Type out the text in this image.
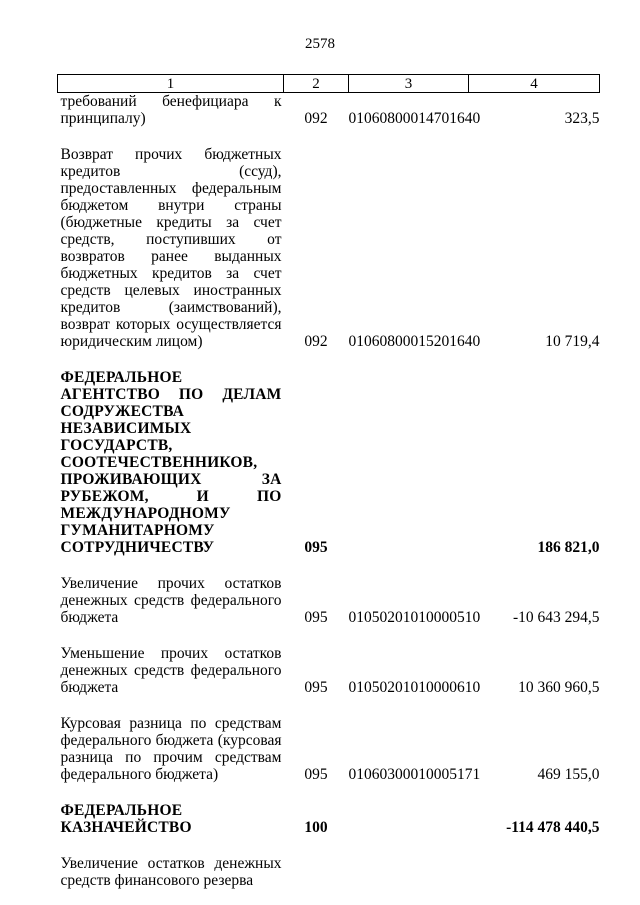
2578
1	2	3	4
требований бенефициара к принципалу)	092	01060800014701640	323,5

Возврат прочих бюджетных кредитов (ссуд), предоставленных федеральным бюджетом внутри страны (бюджетные кредиты за счет средств, поступивших от возвратов ранее выданных бюджетных кредитов за счет средств целевых иностранных кредитов (заимствований), возврат которых осуществляется юридическим лицом)	092	01060800015201640	10 719,4

ФЕДЕРАЛЬНОЕ АГЕНТСТВО ПО ДЕЛАМ СОДРУЖЕСТВА НЕЗАВИСИМЫХ ГОСУДАРСТВ, СООТЕЧЕСТВЕННИКОВ, ПРОЖИВАЮЩИХ ЗА РУБЕЖОМ, И ПО МЕЖДУНАРОДНОМУ ГУМАНИТАРНОМУ СОТРУДНИЧЕСТВУ	095		186 821,0

Увеличение прочих остатков денежных средств федерального бюджета	095	01050201010000510	-10 643 294,5

Уменьшение прочих остатков денежных средств федерального бюджета	095	01050201010000610	10 360 960,5

Курсовая разница по средствам федерального бюджета (курсовая разница по прочим средствам федерального бюджета)	095	01060300010005171	469 155,0

ФЕДЕРАЛЬНОЕ КАЗНАЧЕЙСТВО	100		-114 478 440,5

Увеличение остатков денежных средств финансового резерва			
